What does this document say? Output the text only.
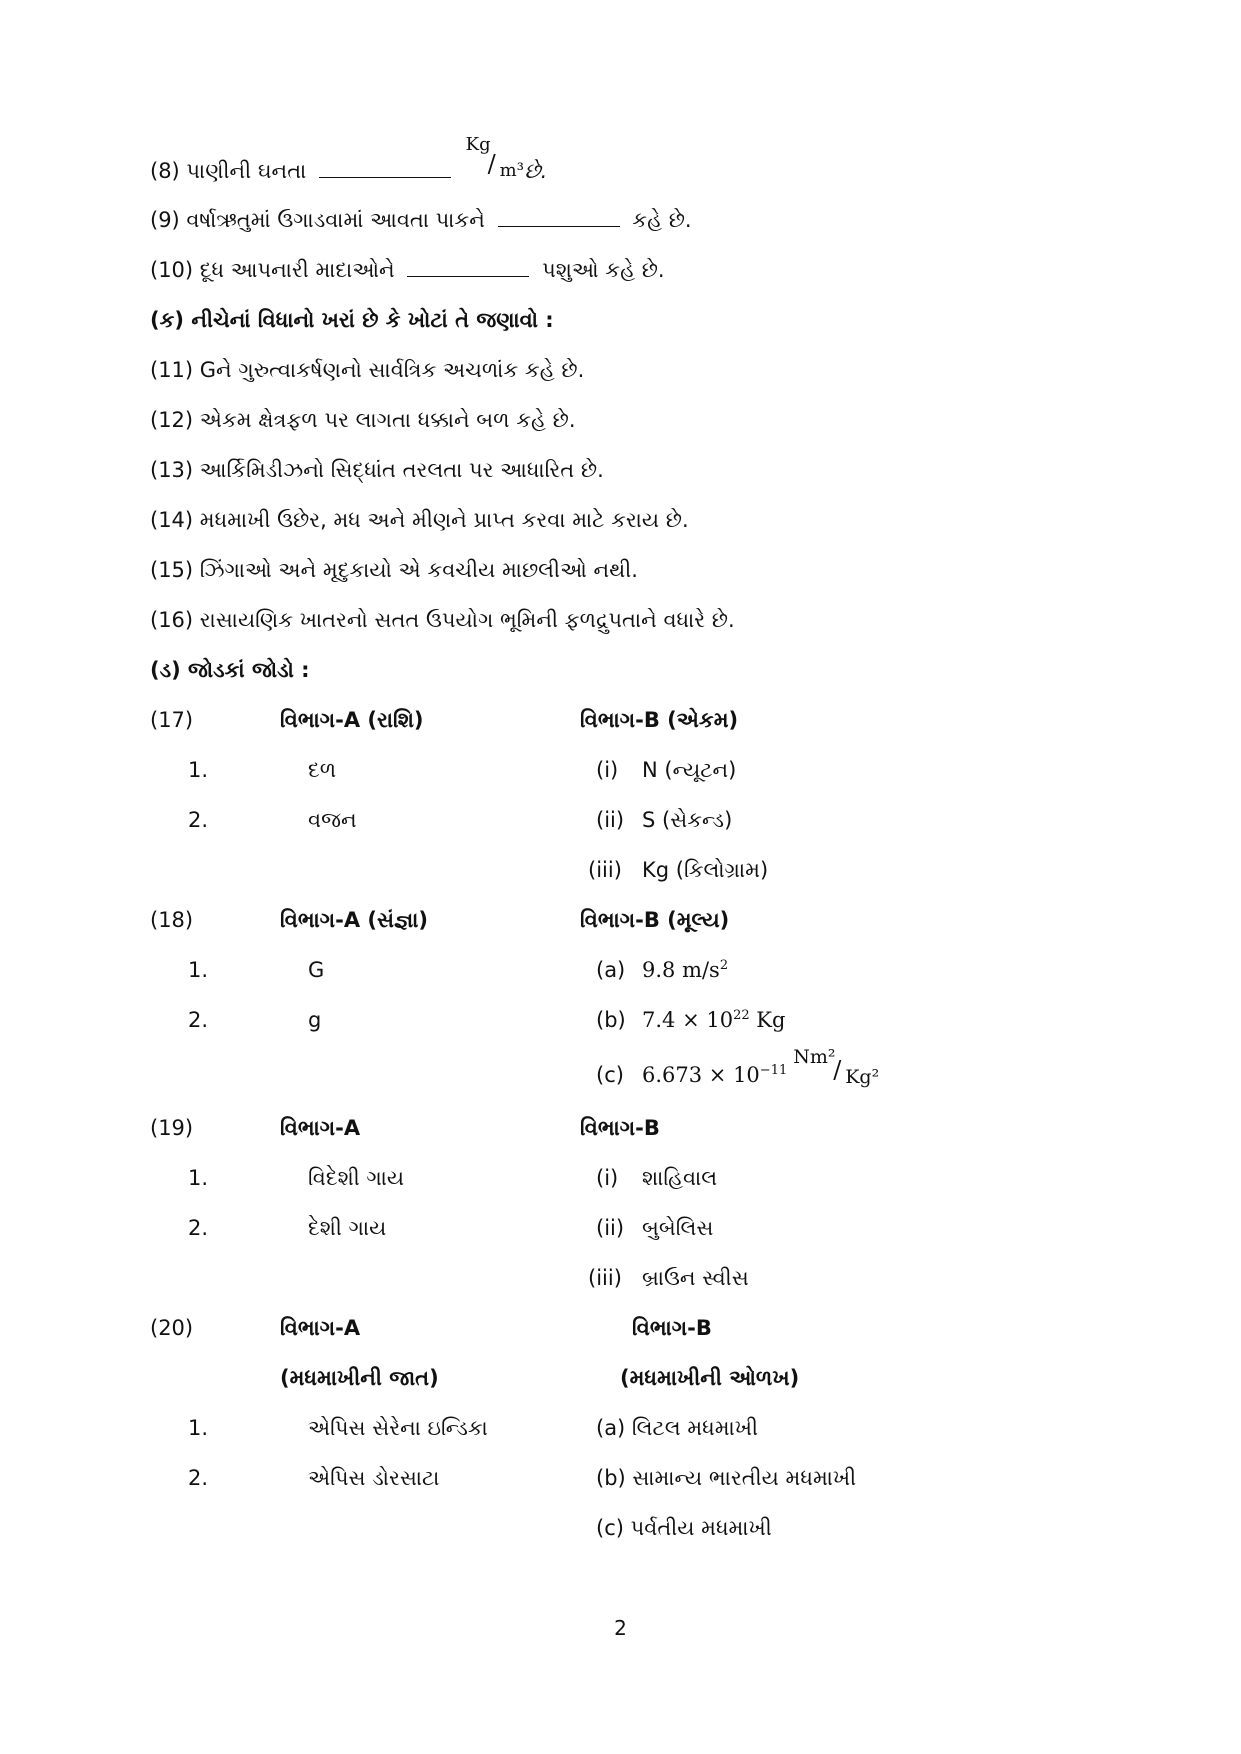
(8) પાણીની ઘનતા
Kg
/ m³ છે.
(9) વર્ષાઋતુમાં ઉગાડવામાં આવતા પાકને	કહે છે.
(10) દૂધ આપનારી માદાઓને	પશુઓ કહે છે.
(ક) નીચેનાં વિધાનો ખરાં છે કે ખોટાં તે જણાવો :
(11) Gને ગુરુત્વાકર્ષણનો સાર્વત્રિક અચળાંક કહે છે.
(12) એકમ ક્ષેત્રફળ પર લાગતા ધક્કાને બળ કહે છે.
(13) આર્કિમિડીઝનો સિદ્ધાંત તરલતા પર આધારિત છે.
(14) મધમાખી ઉછેર, મધ અને મીણને પ્રાપ્ત કરવા માટે કરાય છે.
(15) ઝિંગાઓ અને મૃદુકાયો એ કવચીય માછલીઓ નથી.
(16) રાસાયણિક ખાતરનો સતત ઉપયોગ ભૂમિની ફળદ્રુપતાને વધારે છે.
(ડ) જોડકાં જોડો :
(17)	વિભાગ-A (રાશિ)	વિભાગ-B (એકમ)
1.	દળ	(i) N (ન્યૂટન)
2.	વજન	(ii) S (સેકન્ડ)
(iii) Kg (કિલોગ્રામ)
(18)	વિભાગ-A (સંજ્ઞા)	વિભાગ-B (મૂલ્ય)
1.	G	(a) 9.8 $m/s^2$
2.	g	(b) $7.4 \times 10^{22}$ Kg
(c) $6.673 \times 10^{-11}$
Nm²
/ Kg²
(19)	વિભાગ-A	વિભાગ-B
1.	વિદેશી ગાય	(i) શાહિવાલ
2.	દેશી ગાય	(ii) બુબેલિસ
(iii) બ્રાઉન સ્વીસ
(20)	વિભાગ-A	વિભાગ-B
(મધમાખીની જાત)	(મધમાખીની ઓળખ)
1.	એપિસ સેરેના ઇન્ડિકા	(a) લિટલ મધમાખી
2.	એપિસ ડોરસાટા	(b) સામાન્ય ભારતીય મધમાખી
(c) પર્વતીય મધમાખી
2
